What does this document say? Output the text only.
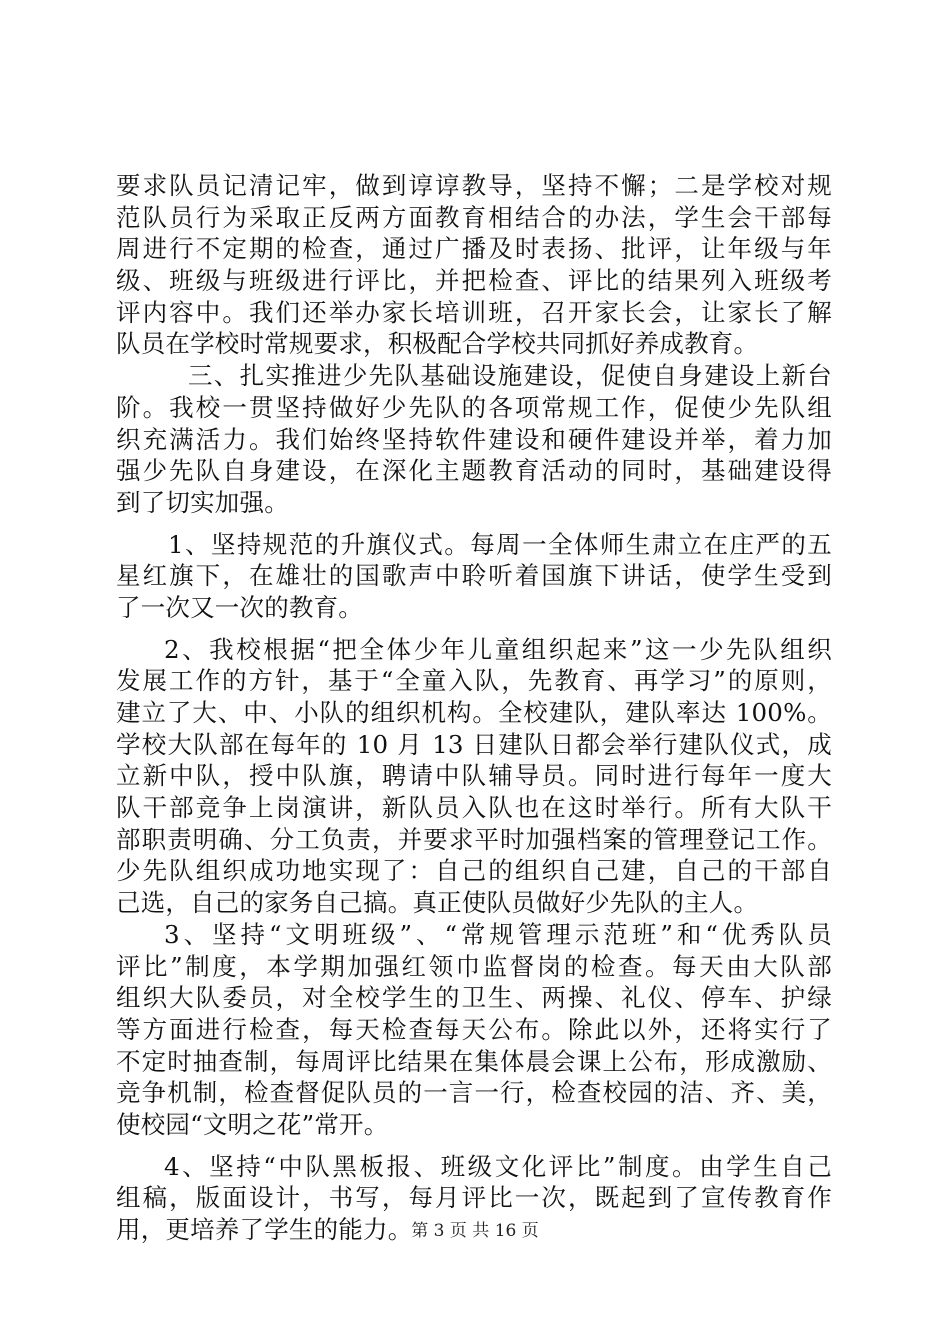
要求队员记清记牢，做到谆谆教导，坚持不懈；二是学校对规
范队员行为采取正反两方面教育相结合的办法，学生会干部每
周进行不定期的检查，通过广播及时表扬、批评，让年级与年
级、班级与班级进行评比，并把检查、评比的结果列入班级考
评内容中。我们还举办家长培训班，召开家长会，让家长了解
队员在学校时常规要求，积极配合学校共同抓好养成教育。
三、扎实推进少先队基础设施建设，促使自身建设上新台
阶。我校一贯坚持做好少先队的各项常规工作，促使少先队组
织充满活力。我们始终坚持软件建设和硬件建设并举，着力加
强少先队自身建设，在深化主题教育活动的同时，基础建设得
到了切实加强。
1、坚持规范的升旗仪式。每周一全体师生肃立在庄严的五
星红旗下，在雄壮的国歌声中聆听着国旗下讲话，使学生受到
了一次又一次的教育。
2、我校根据“把全体少年儿童组织起来”这一少先队组织
发展工作的方针，基于“全童入队，先教育、再学习”的原则，
建立了大、中、小队的组织机构。全校建队，建队率达 100%。
学校大队部在每年的 10 月 13 日建队日都会举行建队仪式，成
立新中队，授中队旗，聘请中队辅导员。同时进行每年一度大
队干部竞争上岗演讲，新队员入队也在这时举行。所有大队干
部职责明确、分工负责，并要求平时加强档案的管理登记工作。
少先队组织成功地实现了：自己的组织自己建，自己的干部自
己选，自己的家务自己搞。真正使队员做好少先队的主人。
3、坚持“文明班级”、“常规管理示范班”和“优秀队员
评比”制度，本学期加强红领巾监督岗的检查。每天由大队部
组织大队委员，对全校学生的卫生、两操、礼仪、停车、护绿
等方面进行检查，每天检查每天公布。除此以外，还将实行了
不定时抽查制，每周评比结果在集体晨会课上公布，形成激励、
竞争机制，检查督促队员的一言一行，检查校园的洁、齐、美，
使校园“文明之花”常开。
4、坚持“中队黑板报、班级文化评比”制度。由学生自己
组稿，版面设计，书写，每月评比一次，既起到了宣传教育作
用，更培养了学生的能力。
第 3 页 共 16 页
